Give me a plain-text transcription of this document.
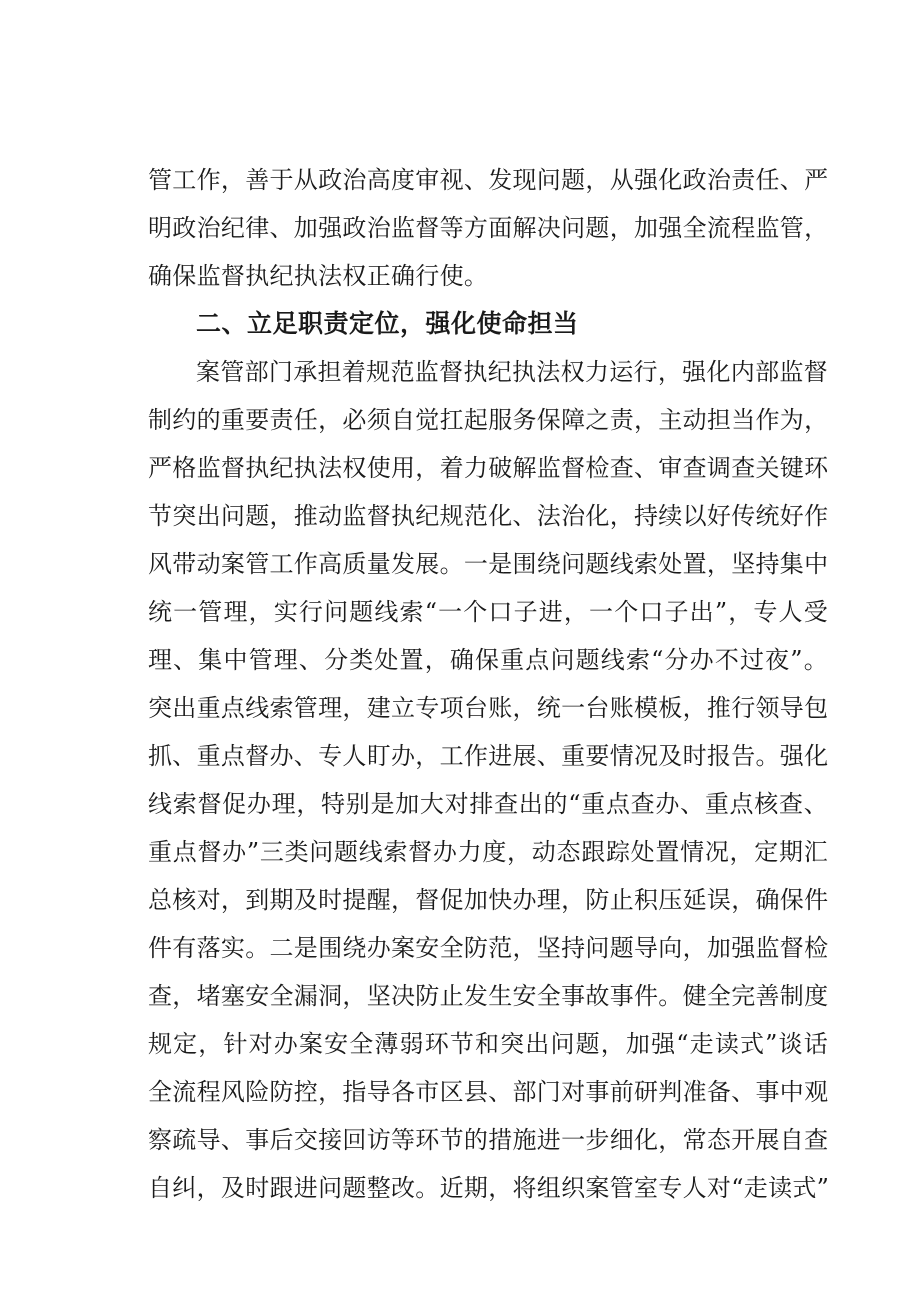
管工作，善于从政治高度审视、发现问题，从强化政治责任、严
明政治纪律、加强政治监督等方面解决问题，加强全流程监管，
确保监督执纪执法权正确行使。
二、立足职责定位，强化使命担当
案管部门承担着规范监督执纪执法权力运行，强化内部监督
制约的重要责任，必须自觉扛起服务保障之责，主动担当作为，
严格监督执纪执法权使用，着力破解监督检查、审查调查关键环
节突出问题，推动监督执纪规范化、法治化，持续以好传统好作
风带动案管工作高质量发展。一是围绕问题线索处置，坚持集中
统一管理，实行问题线索“一个口子进，一个口子出”，专人受
理、集中管理、分类处置，确保重点问题线索“分办不过夜”。
突出重点线索管理，建立专项台账，统一台账模板，推行领导包
抓、重点督办、专人盯办，工作进展、重要情况及时报告。强化
线索督促办理，特别是加大对排查出的“重点查办、重点核查、
重点督办”三类问题线索督办力度，动态跟踪处置情况，定期汇
总核对，到期及时提醒，督促加快办理，防止积压延误，确保件
件有落实。二是围绕办案安全防范，坚持问题导向，加强监督检
查，堵塞安全漏洞，坚决防止发生安全事故事件。健全完善制度
规定，针对办案安全薄弱环节和突出问题，加强“走读式”谈话
全流程风险防控，指导各市区县、部门对事前研判准备、事中观
察疏导、事后交接回访等环节的措施进一步细化，常态开展自查
自纠，及时跟进问题整改。近期，将组织案管室专人对“走读式”
